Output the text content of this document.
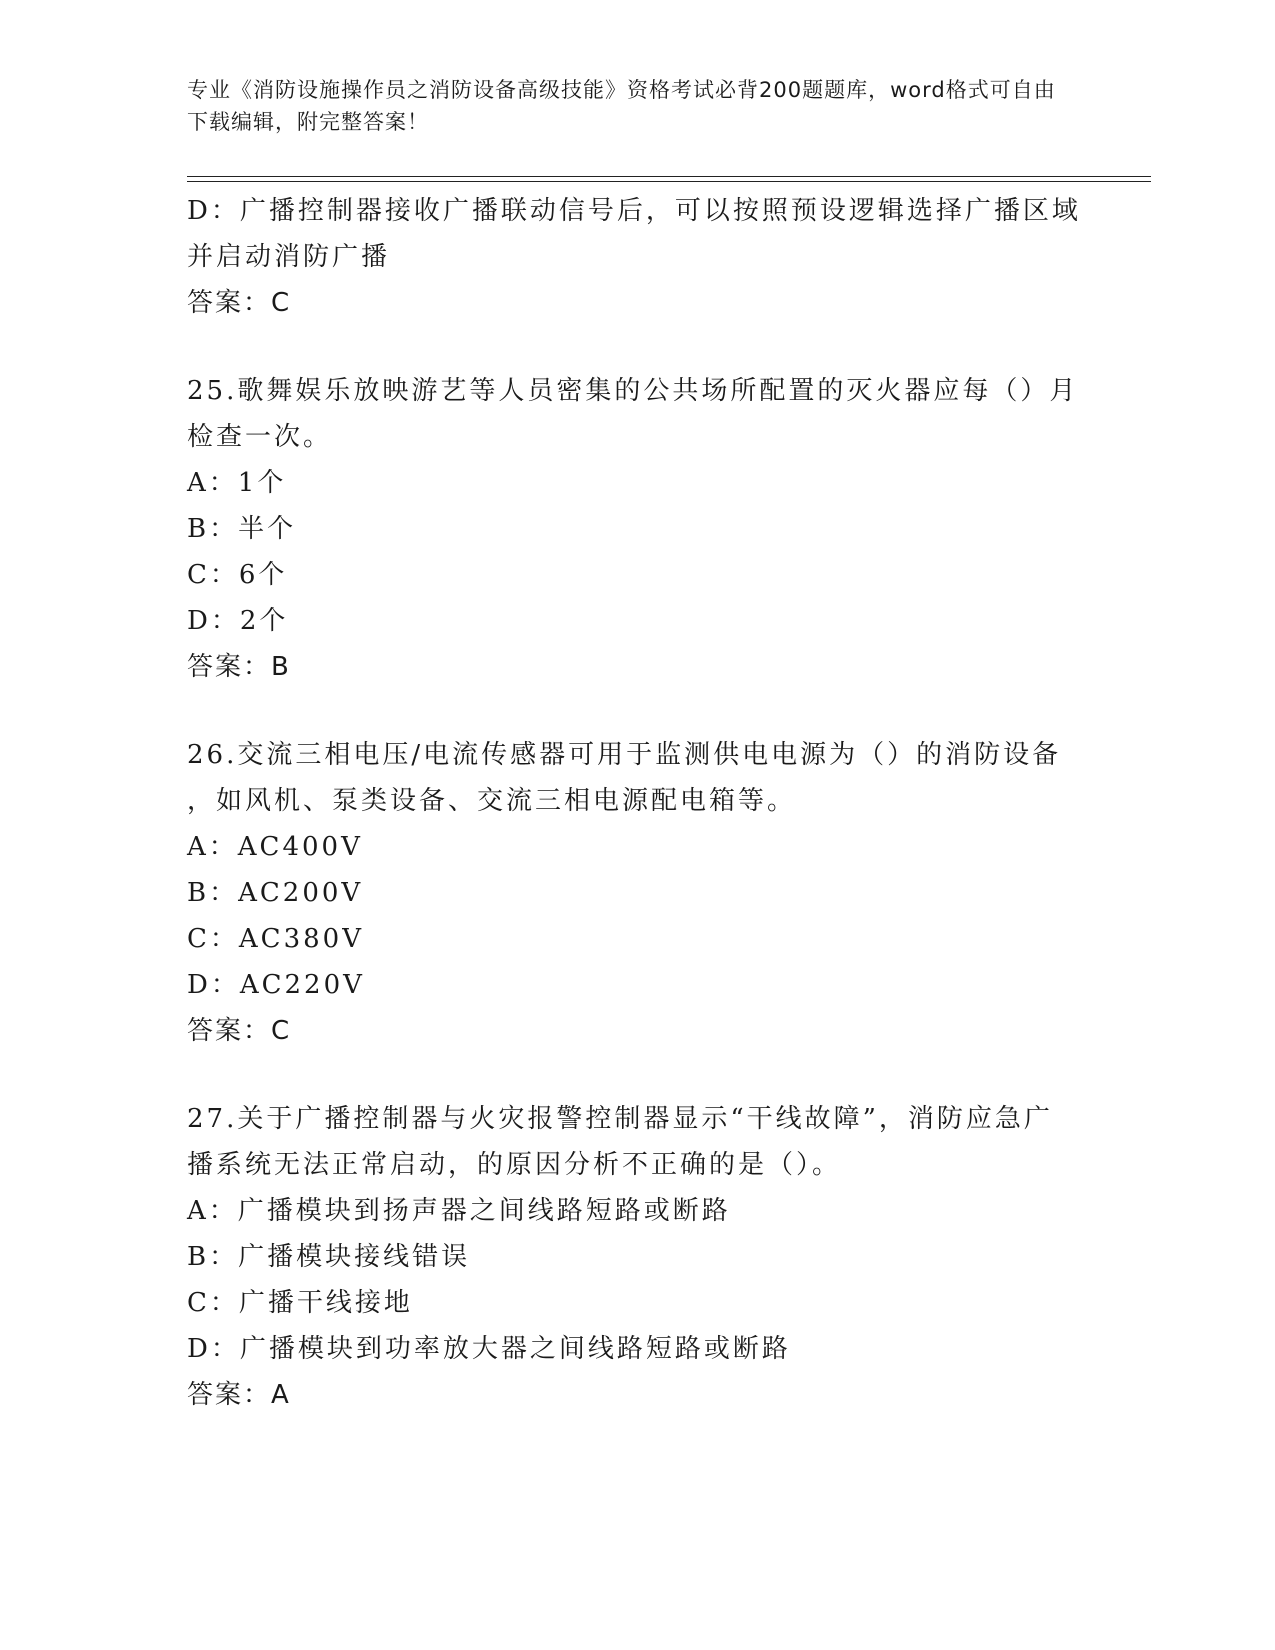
专业《消防设施操作员之消防设备高级技能》资格考试必背200题题库，word格式可自由下载编辑，附完整答案！

D：广播控制器接收广播联动信号后，可以按照预设逻辑选择广播区域

并启动消防广播

答案：C

25.歌舞娱乐放映游艺等人员密集的公共场所配置的灭火器应每（）月

检查一次。

A：1个

B：半个

C：6个

D：2个

答案：B

26.交流三相电压/电流传感器可用于监测供电电源为（）的消防设备

，如风机、泵类设备、交流三相电源配电箱等。

A：AC400V

B：AC200V

C：AC380V

D：AC220V

答案：C

27.关于广播控制器与火灾报警控制器显示“干线故障”，消防应急广

播系统无法正常启动，的原因分析不正确的是（）。

A：广播模块到扬声器之间线路短路或断路

B：广播模块接线错误

C：广播干线接地

D：广播模块到功率放大器之间线路短路或断路

答案：A
